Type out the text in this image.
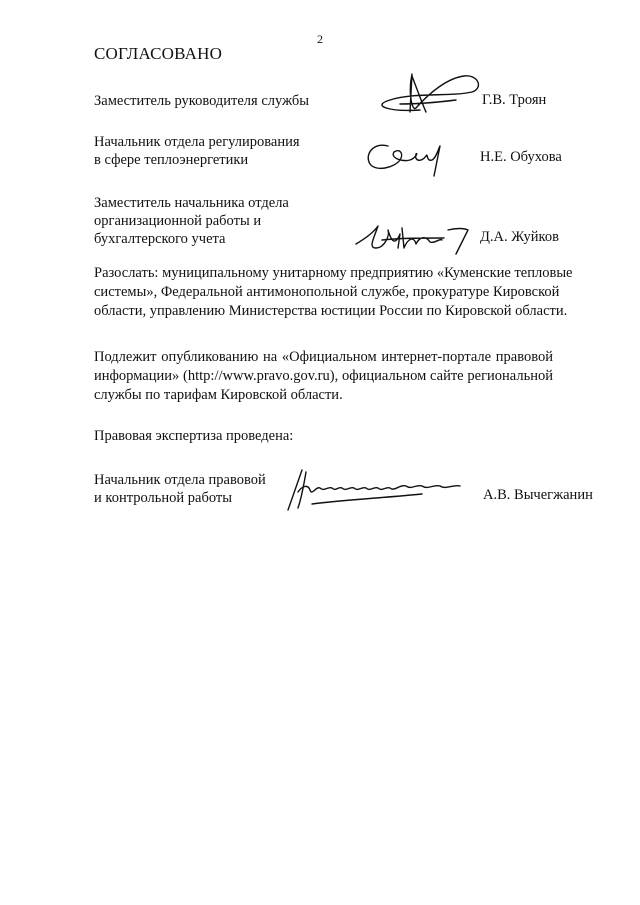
2
СОГЛАСОВАНО
Заместитель руководителя службы	Г.В. Троян
Начальник отдела регулирования
в сфере теплоэнергетики	Н.Е. Обухова
Заместитель начальника отдела
организационной работы и
бухгалтерского учета	Д.А. Жуйков
Разослать: муниципальному унитарному предприятию «Куменские тепловые
системы», Федеральной антимонопольной службе, прокуратуре Кировской
области, управлению Министерства юстиции России по Кировской области.
Подлежит опубликованию на «Официальном интернет-портале правовой
информации» (http://www.pravo.gov.ru), официальном сайте региональной
службы по тарифам Кировской области.
Правовая экспертиза проведена:
Начальник отдела правовой
и контрольной работы	А.В. Вычегжанин
